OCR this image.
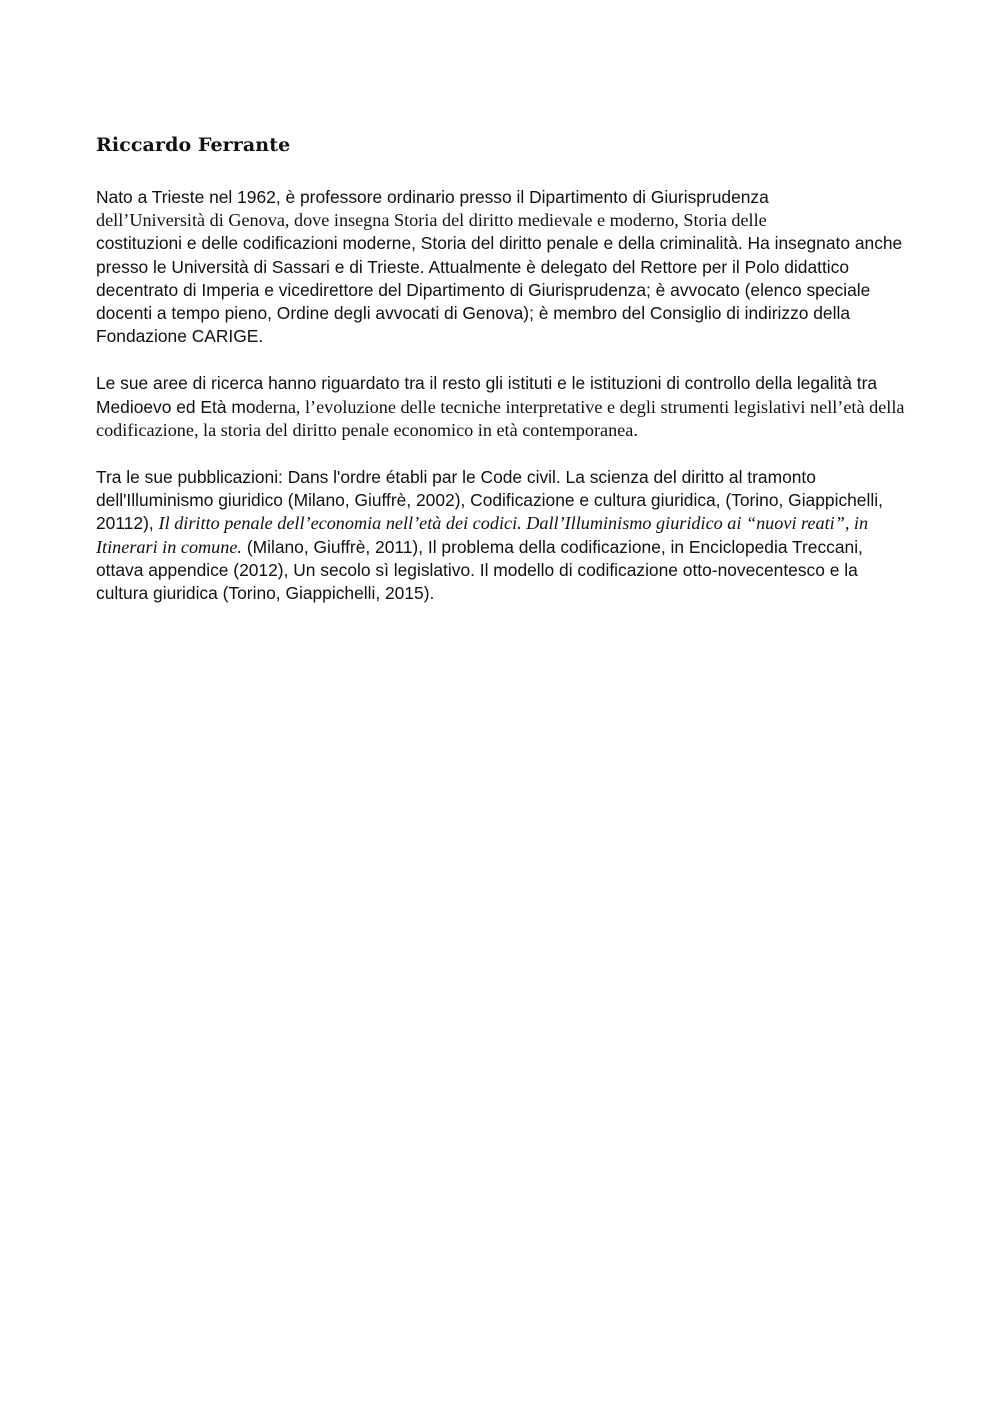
Riccardo Ferrante

Nato a Trieste nel 1962, è professore ordinario presso il Dipartimento di Giurisprudenza
dell’Università di Genova, dove insegna Storia del diritto medievale e moderno, Storia delle
costituzioni e delle codificazioni moderne, Storia del diritto penale e della criminalità. Ha insegnato anche presso le Università di Sassari e di Trieste. Attualmente è delegato del Rettore per il Polo didattico decentrato di Imperia e vicedirettore del Dipartimento di Giurisprudenza; è avvocato (elenco speciale docenti a tempo pieno, Ordine degli avvocati di Genova); è membro del Consiglio di indirizzo della Fondazione CARIGE.

Le sue aree di ricerca hanno riguardato tra il resto gli istituti e le istituzioni di controllo della legalità tra Medioevo ed Età moderna, l’evoluzione delle tecniche interpretative e degli strumenti legislativi nell’età della codificazione, la storia del diritto penale economico in età contemporanea.

Tra le sue pubblicazioni: Dans l'ordre établi par le Code civil. La scienza del diritto al tramonto dell'Illuminismo giuridico (Milano, Giuffrè, 2002), Codificazione e cultura giuridica, (Torino, Giappichelli, 20112), Il diritto penale dell’economia nell’età dei codici. Dall’Illuminismo giuridico ai “nuovi reati”, in Itinerari in comune. (Milano, Giuffrè, 2011), Il problema della codificazione, in Enciclopedia Treccani, ottava appendice (2012), Un secolo sì legislativo. Il modello di codificazione otto-novecentesco e la cultura giuridica (Torino, Giappichelli, 2015).
